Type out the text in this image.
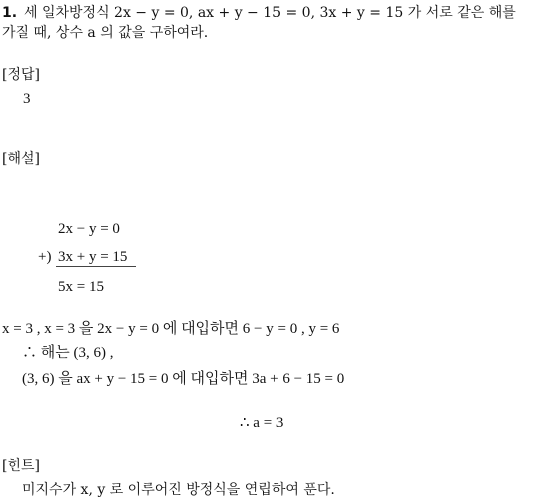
1. 세 일차방정식 2x − y = 0, ax + y − 15 = 0, 3x + y = 15 가 서로 같은 해를
가질 때, 상수 a 의 값을 구하여라.
[정답]
3
[해설]
2x − y = 0
+) 3x + y = 15
5x = 15
x = 3 , x = 3 을 2x − y = 0 에 대입하면 6 − y = 0 , y = 6
∴ 해는 (3, 6) ,
(3, 6) 을 ax + y − 15 = 0 에 대입하면 3a + 6 − 15 = 0
∴ a = 3
[힌트]
미지수가 x, y 로 이루어진 방정식을 연립하여 푼다.
